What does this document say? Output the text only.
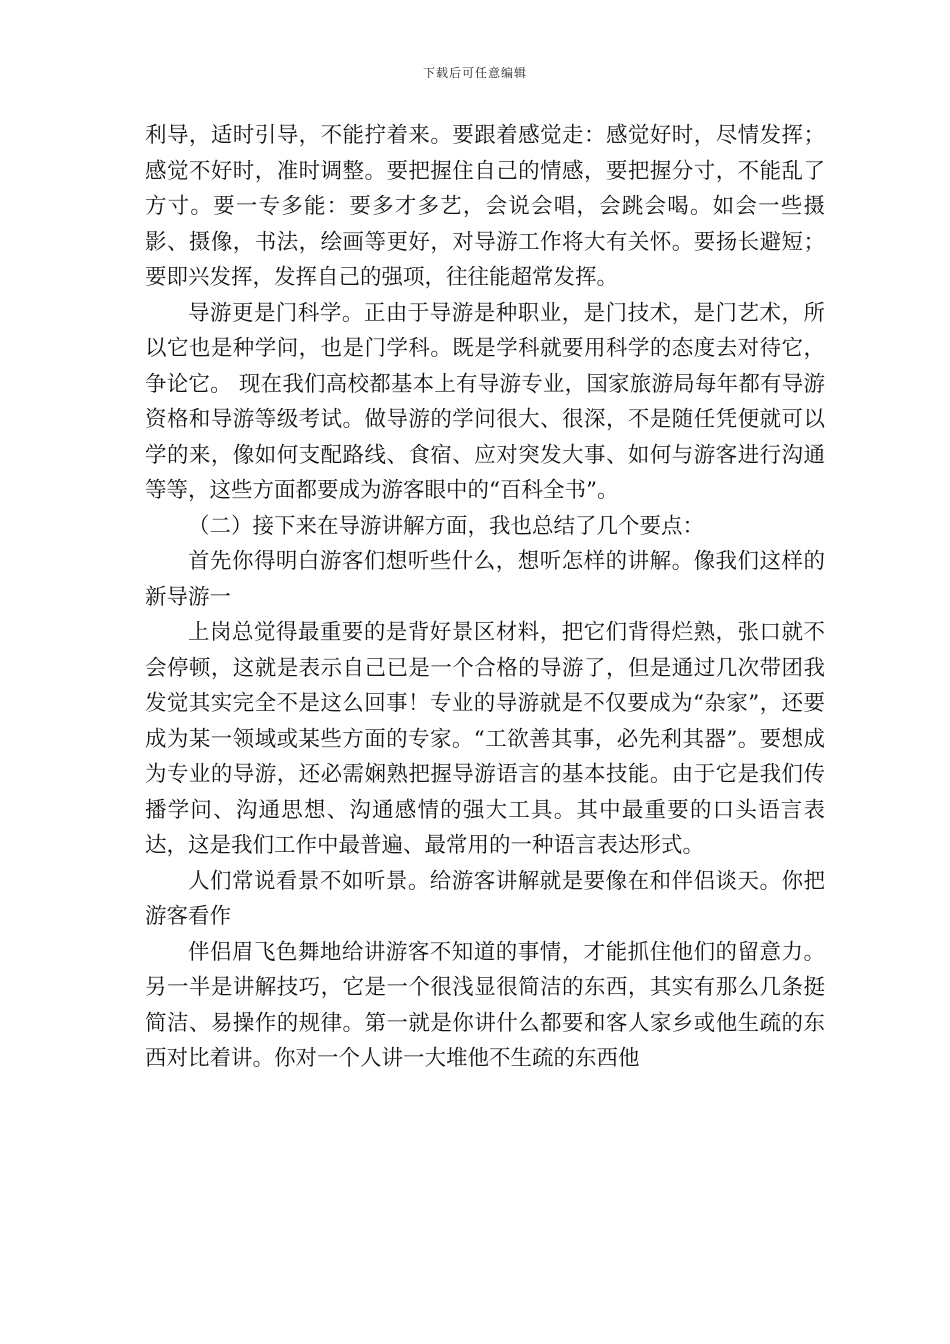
下载后可任意编辑

利导，适时引导，不能拧着来。要跟着感觉走：感觉好时，尽情发挥；感觉不好时，准时调整。要把握住自己的情感，要把握分寸，不能乱了方寸。要一专多能：要多才多艺，会说会唱，会跳会喝。如会一些摄影、摄像，书法，绘画等更好，对导游工作将大有关怀。要扬长避短；要即兴发挥，发挥自己的强项，往往能超常发挥。

导游更是门科学。正由于导游是种职业，是门技术，是门艺术，所以它也是种学问，也是门学科。既是学科就要用科学的态度去对待它，争论它。 现在我们高校都基本上有导游专业，国家旅游局每年都有导游资格和导游等级考试。做导游的学问很大、很深，不是随任凭便就可以学的来，像如何支配路线、食宿、应对突发大事、如何与游客进行沟通等等，这些方面都要成为游客眼中的“百科全书”。

（二）接下来在导游讲解方面，我也总结了几个要点：

首先你得明白游客们想听些什么，想听怎样的讲解。像我们这样的新导游一

上岗总觉得最重要的是背好景区材料，把它们背得烂熟，张口就不会停顿，这就是表示自己已是一个合格的导游了，但是通过几次带团我发觉其实完全不是这么回事！专业的导游就是不仅要成为“杂家”，还要成为某一领域或某些方面的专家。“工欲善其事，必先利其器”。要想成为专业的导游，还必需娴熟把握导游语言的基本技能。由于它是我们传播学问、沟通思想、沟通感情的强大工具。其中最重要的口头语言表达，这是我们工作中最普遍、最常用的一种语言表达形式。

人们常说看景不如听景。给游客讲解就是要像在和伴侣谈天。你把游客看作

伴侣眉飞色舞地给讲游客不知道的事情，才能抓住他们的留意力。另一半是讲解技巧，它是一个很浅显很简洁的东西，其实有那么几条挺简洁、易操作的规律。第一就是你讲什么都要和客人家乡或他生疏的东西对比着讲。你对一个人讲一大堆他不生疏的东西他
